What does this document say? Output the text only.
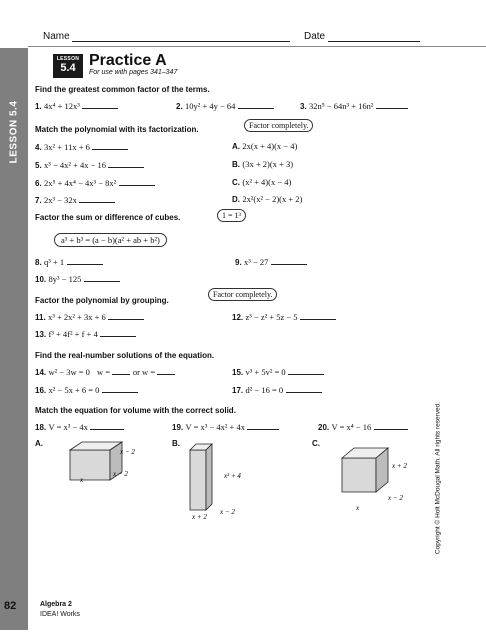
Name	Date
LESSON 5.4
LESSON
5.4 Practice A
For use with pages 341–347
Find the greatest common factor of the terms.
1. 4x⁴ + 12x³	2. 10y² + 4y − 64	3. 32n⁵ − 64n³ + 16n²
Match the polynomial with its factorization.	Factor completely.
4. 3x² + 11x + 6
5. x³ − 4x² + 4x − 16
6. 2x⁵ + 4x⁴ − 4x³ − 8x²
7. 2x³ − 32x
A. 2x(x + 4)(x − 4)
B. (3x + 2)(x + 3)
C. (x² + 4)(x − 4)
D. 2x²(x² − 2)(x + 2)
Factor the sum or difference of cubes.	1 = 1³
a³ + b³ = (a − b)(a² + ab + b²)
8. q³ + 1	9. x³ − 27
10. 8y³ − 125
Factor the polynomial by grouping.
Factor completely.
11. x³ + 2x² + 3x + 6	12. z³ − z² + 5z − 5
13. f³ + 4f² + f + 4
Find the real-number solutions of the equation.
14. w² − 3w = 0 w =	or w =	15. v³ + 5v² = 0
16. x² − 5x + 6 = 0	17. d² − 16 = 0
Match the equation for volume with the correct solid.
18. V = x³ − 4x	19. V = x³ − 4x² + 4x	20. V = x⁴ − 16
A.
x − 2
x − 2
x
B.
x² + 4
x + 2
x − 2
C.
x + 2
x − 2
x	Copyright © Holt McDougal Math. All rights reserved.
82	Algebra 2
IDEA! Works
